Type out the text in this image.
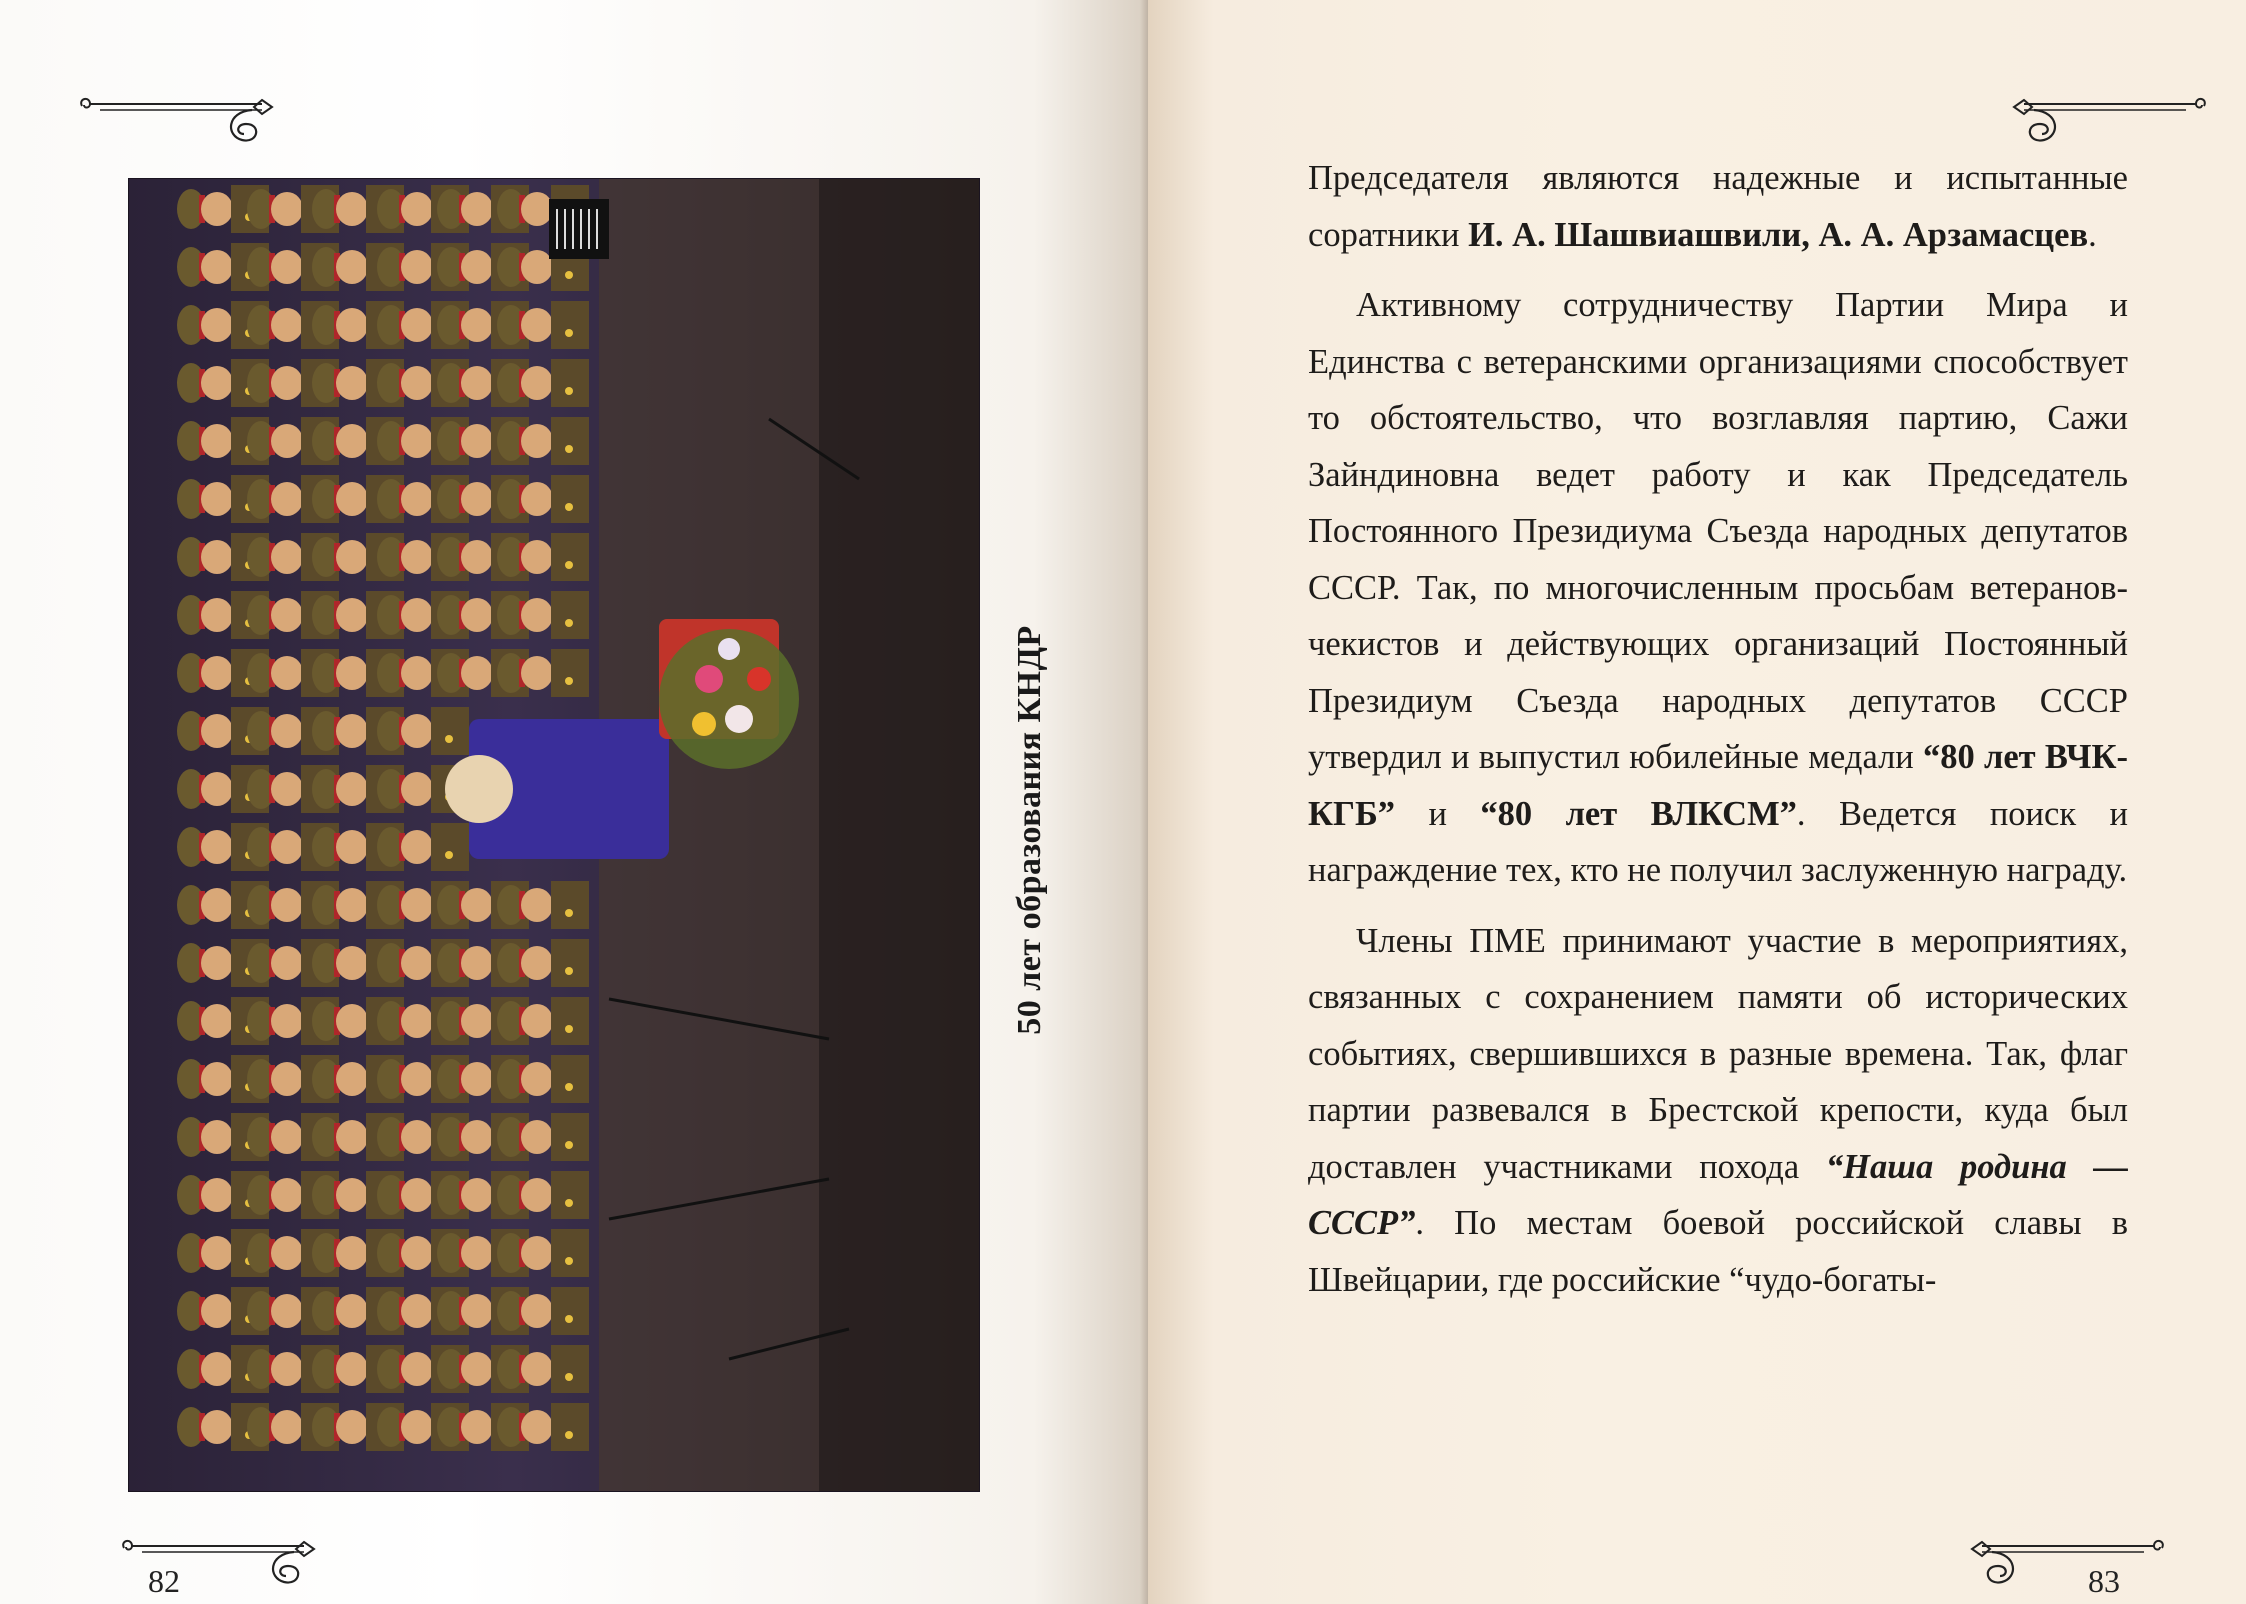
50 лет образования КНДР
82

Председателя являются надежные и испытанные соратники И. А. Шашвиашвили, А. А. Арзамасцев.

Активному сотрудничеству Партии Мира и Единства с ветеранскими организациями способствует то обстоятельство, что возглавляя партию, Сажи Зайндиновна ведет работу и как Председатель Постоянного Президиума Съезда народных депутатов СССР. Так, по многочисленным просьбам ветеранов-чекистов и действующих организаций Постоянный Президиум Съезда народных депутатов СССР утвердил и выпустил юбилейные медали “80 лет ВЧК-КГБ” и “80 лет ВЛКСМ”. Ведется поиск и награждение тех, кто не получил заслуженную награду.

Члены ПМЕ принимают участие в мероприятиях, связанных с сохранением памяти об исторических событиях, свершившихся в разные времена. Так, флаг партии развевался в Брестской крепости, куда был доставлен участниками похода “Наша родина — СССР”. По местам боевой российской славы в Швейцарии, где российские “чудо-богаты-

83
